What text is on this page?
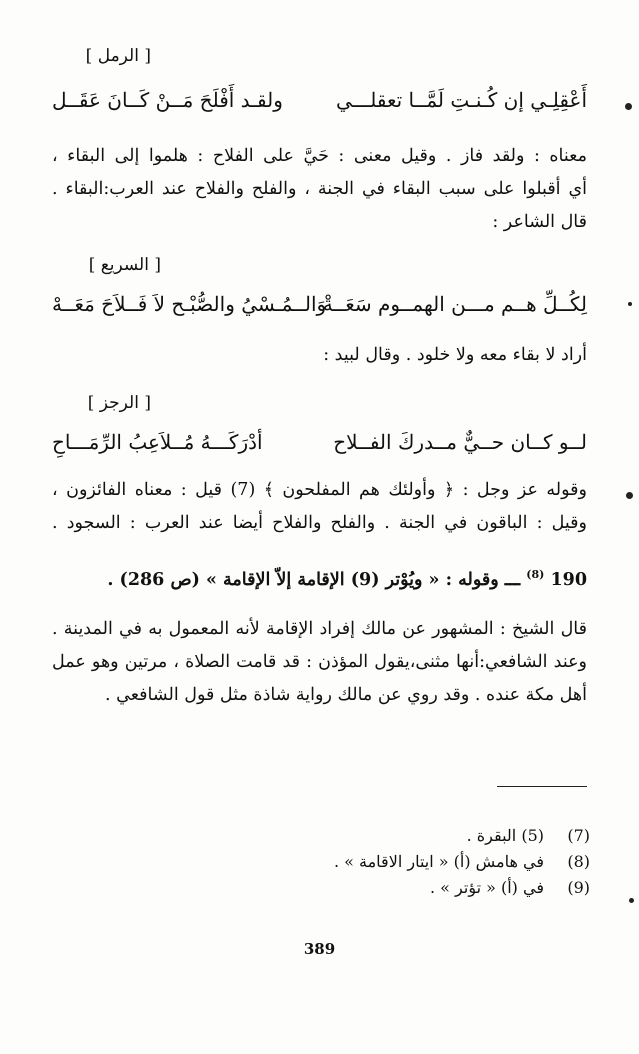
[ الرمل ]
أَعْقِلِـي إن كُـنـتِ لَمَّــا تعقلـــي
ولقـد أَفْلَحَ مَــنْ كَــانَ عَقَــل
معناه : ولقد فاز . وقيل معنى : حَيَّ على الفلاح : هلموا إلى البقاء ،
أي أقبلوا على سبب البقاء في الجنة ، والفلح والفلاح عند العرب:البقاء .
قال الشاعر :
[ السريع ]
لِكُــلِّ هــم مـــن الهمــوم سَعَــةْ
وَالــمُـسْيُ والصُّبْـح لاَ فَــلاَحَ مَعَــهْ
أراد لا بقاء معه ولا خلود . وقال لبيد :
[ الرجز ]
لــو كــان حــيٌّ مــدركَ الفــلاح
أدْرَكَـــهُ مُــلاَعِبُ الرِّمَـــاحِ
وقوله عز وجل : ﴿ وأولئك هم المفلحون ﴾ (7) قيل : معناه الفائزون ،
وقيل : الباقون في الجنة . والفلح والفلاح أيضا عند العرب : السجود .
190 $^{(8)}$ ـــ وقوله : « ويُوْتر (9) الإقامة إلاّ الإقامة » (ص 286) .
قال الشيخ : المشهور عن مالك إفراد الإقامة لأنه المعمول به في المدينة .
وعند الشافعي:أنها مثنى،يقول المؤذن : قد قامت الصلاة ، مرتين وهو عمل
أهل مكة عنده . وقد روي عن مالك رواية شاذة مثل قول الشافعي .
(7)
(5) البقرة .
(8)
في هامش (أ) « ايتار الاقامة » .
(9)
في (أ) « تؤتر » .
389
